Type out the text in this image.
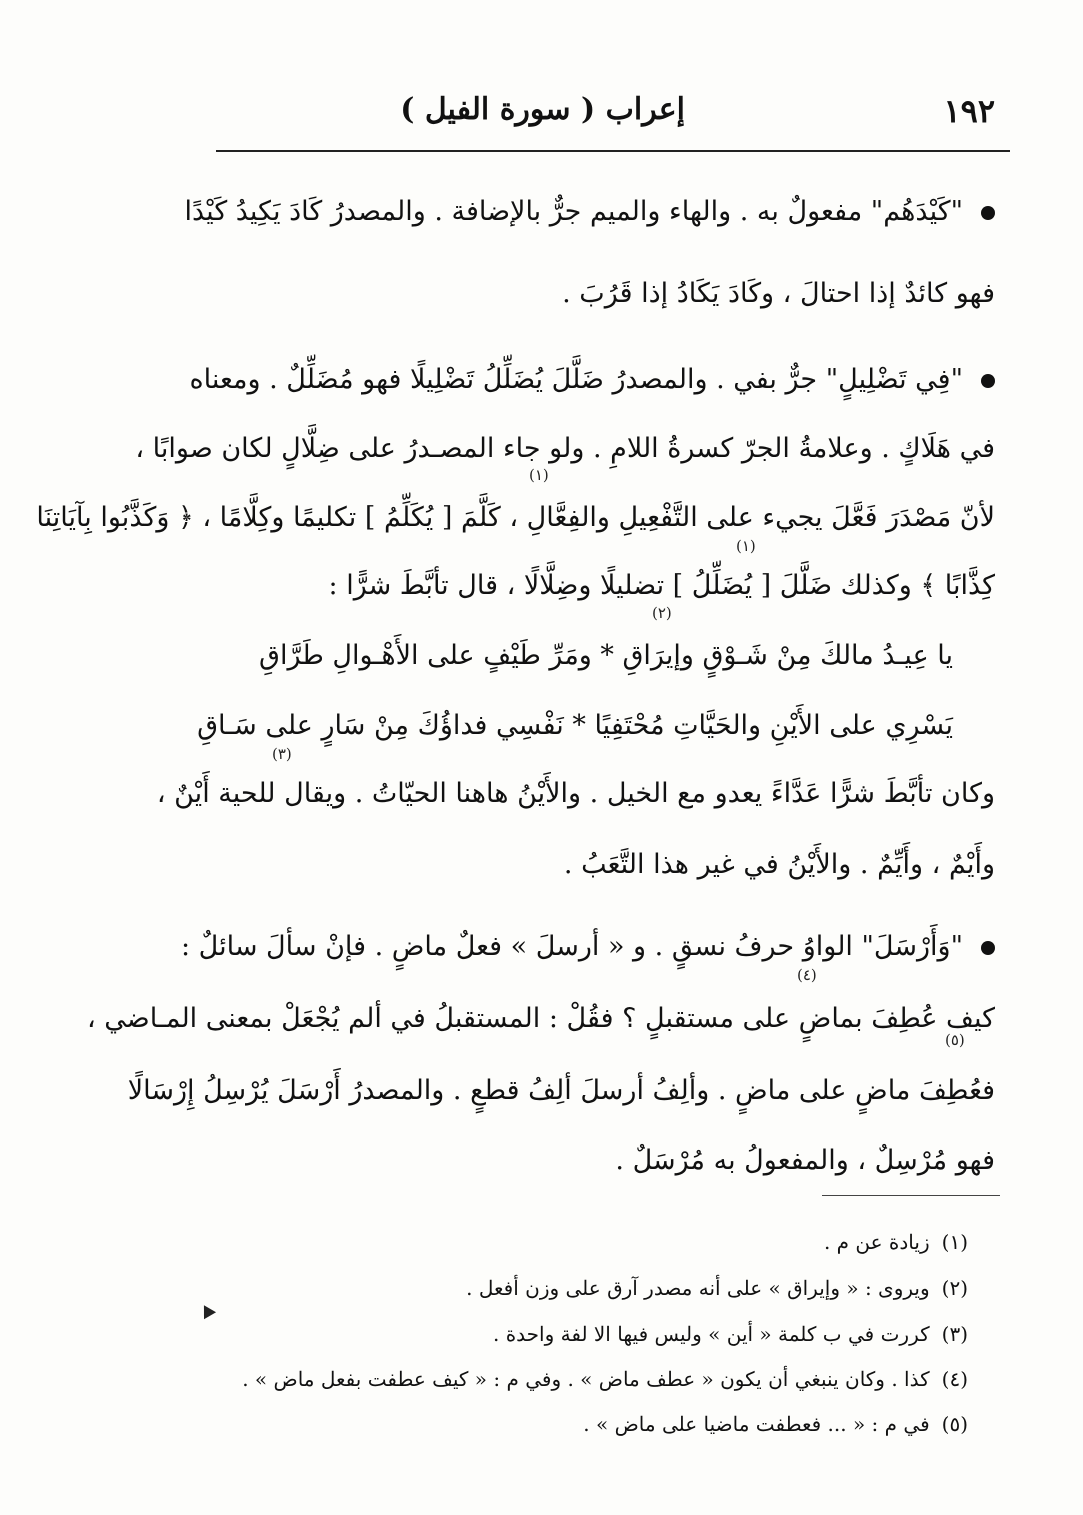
١٩٢
إعراب ( سورة الفيل )
"كَيْدَهُم" مفعولٌ به . والهاء والميم جرٌّ بالإضافة . والمصدرُ كَادَ يَكِيدُ كَيْدًا
فهو كائدٌ إذا احتالَ ، وكَادَ يَكَادُ إذا قَرُبَ .
"فِي تَضْلِيلٍ" جرٌّ بفي . والمصدرُ ضَلَّلَ يُضَلِّلُ تَضْلِيلًا فهو مُضَلِّلٌ . ومعناه
في هَلَاكٍ . وعلامةُ الجرّ كسرةُ اللامِ . ولو جاء المصـدرُ على ضِلَّالٍ لكان صوابًا ،
لأنّ مَصْدَرَ فَعَّلَ يجيء على التَّفْعِيلِ والفِعَّالِ ، كَلَّمَ [ يُكَلِّمُ ] تكليمًا وكِلَّامًا ، ﴿ وَكَذَّبُوا بِآيَاتِنَا
كِذَّابًا ﴾ وكذلك ضَلَّلَ [ يُضَلِّلُ ] تضليلًا وضِلَّالًا ، قال تأبَّطَ شرًّا :
يا عِيـدُ مالكَ مِنْ شَـوْقٍ وإيرَاقِ * ومَرِّ طَيْفٍ على الأَهْـوالِ طَرَّاقِ
يَسْرِي على الأَيْنِ والحَيَّاتِ مُحْتَفِيًا * نَفْسِي فداؤُكَ مِنْ سَارٍ على سَـاقِ
وكان تأبَّطَ شرًّا عَدَّاءً يعدو مع الخيل . والأَيْنُ هاهنا الحيّاتُ . ويقال للحية أَيْنٌ ،
وأَيْمٌ ، وأَيِّمٌ . والأَيْنُ في غير هذا التَّعَبُ .
"وَأَرْسَلَ" الواوُ حرفُ نسقٍ . و « أرسلَ » فعلٌ ماضٍ . فإنْ سألَ سائلٌ :
كيف عُطِفَ بماضٍ على مستقبلٍ ؟ فقُلْ : المستقبلُ في ألم يُجْعَلْ بمعنى المـاضي ،
فعُطِفَ ماضٍ على ماضٍ . وألِفُ أرسلَ ألِفُ قطعٍ . والمصدرُ أَرْسَلَ يُرْسِلُ إِرْسَالًا
فهو مُرْسِلٌ ، والمفعولُ به مُرْسَلٌ .
(١)
(١)
(٢)
(٣)
(٤)
(٥)
(١)زيادة عن م .
(٢)ويروى : « وإيراق » على أنه مصدر آرق على وزن أفعل .
(٣)كررت في ب كلمة « أين » وليس فيها الا لفة واحدة .
(٤)كذا . وكان ينبغي أن يكون « عطف ماض » . وفي م : « كيف عطفت بفعل ماض » .
(٥)في م : « ... فعطفت ماضيا على ماض » .
